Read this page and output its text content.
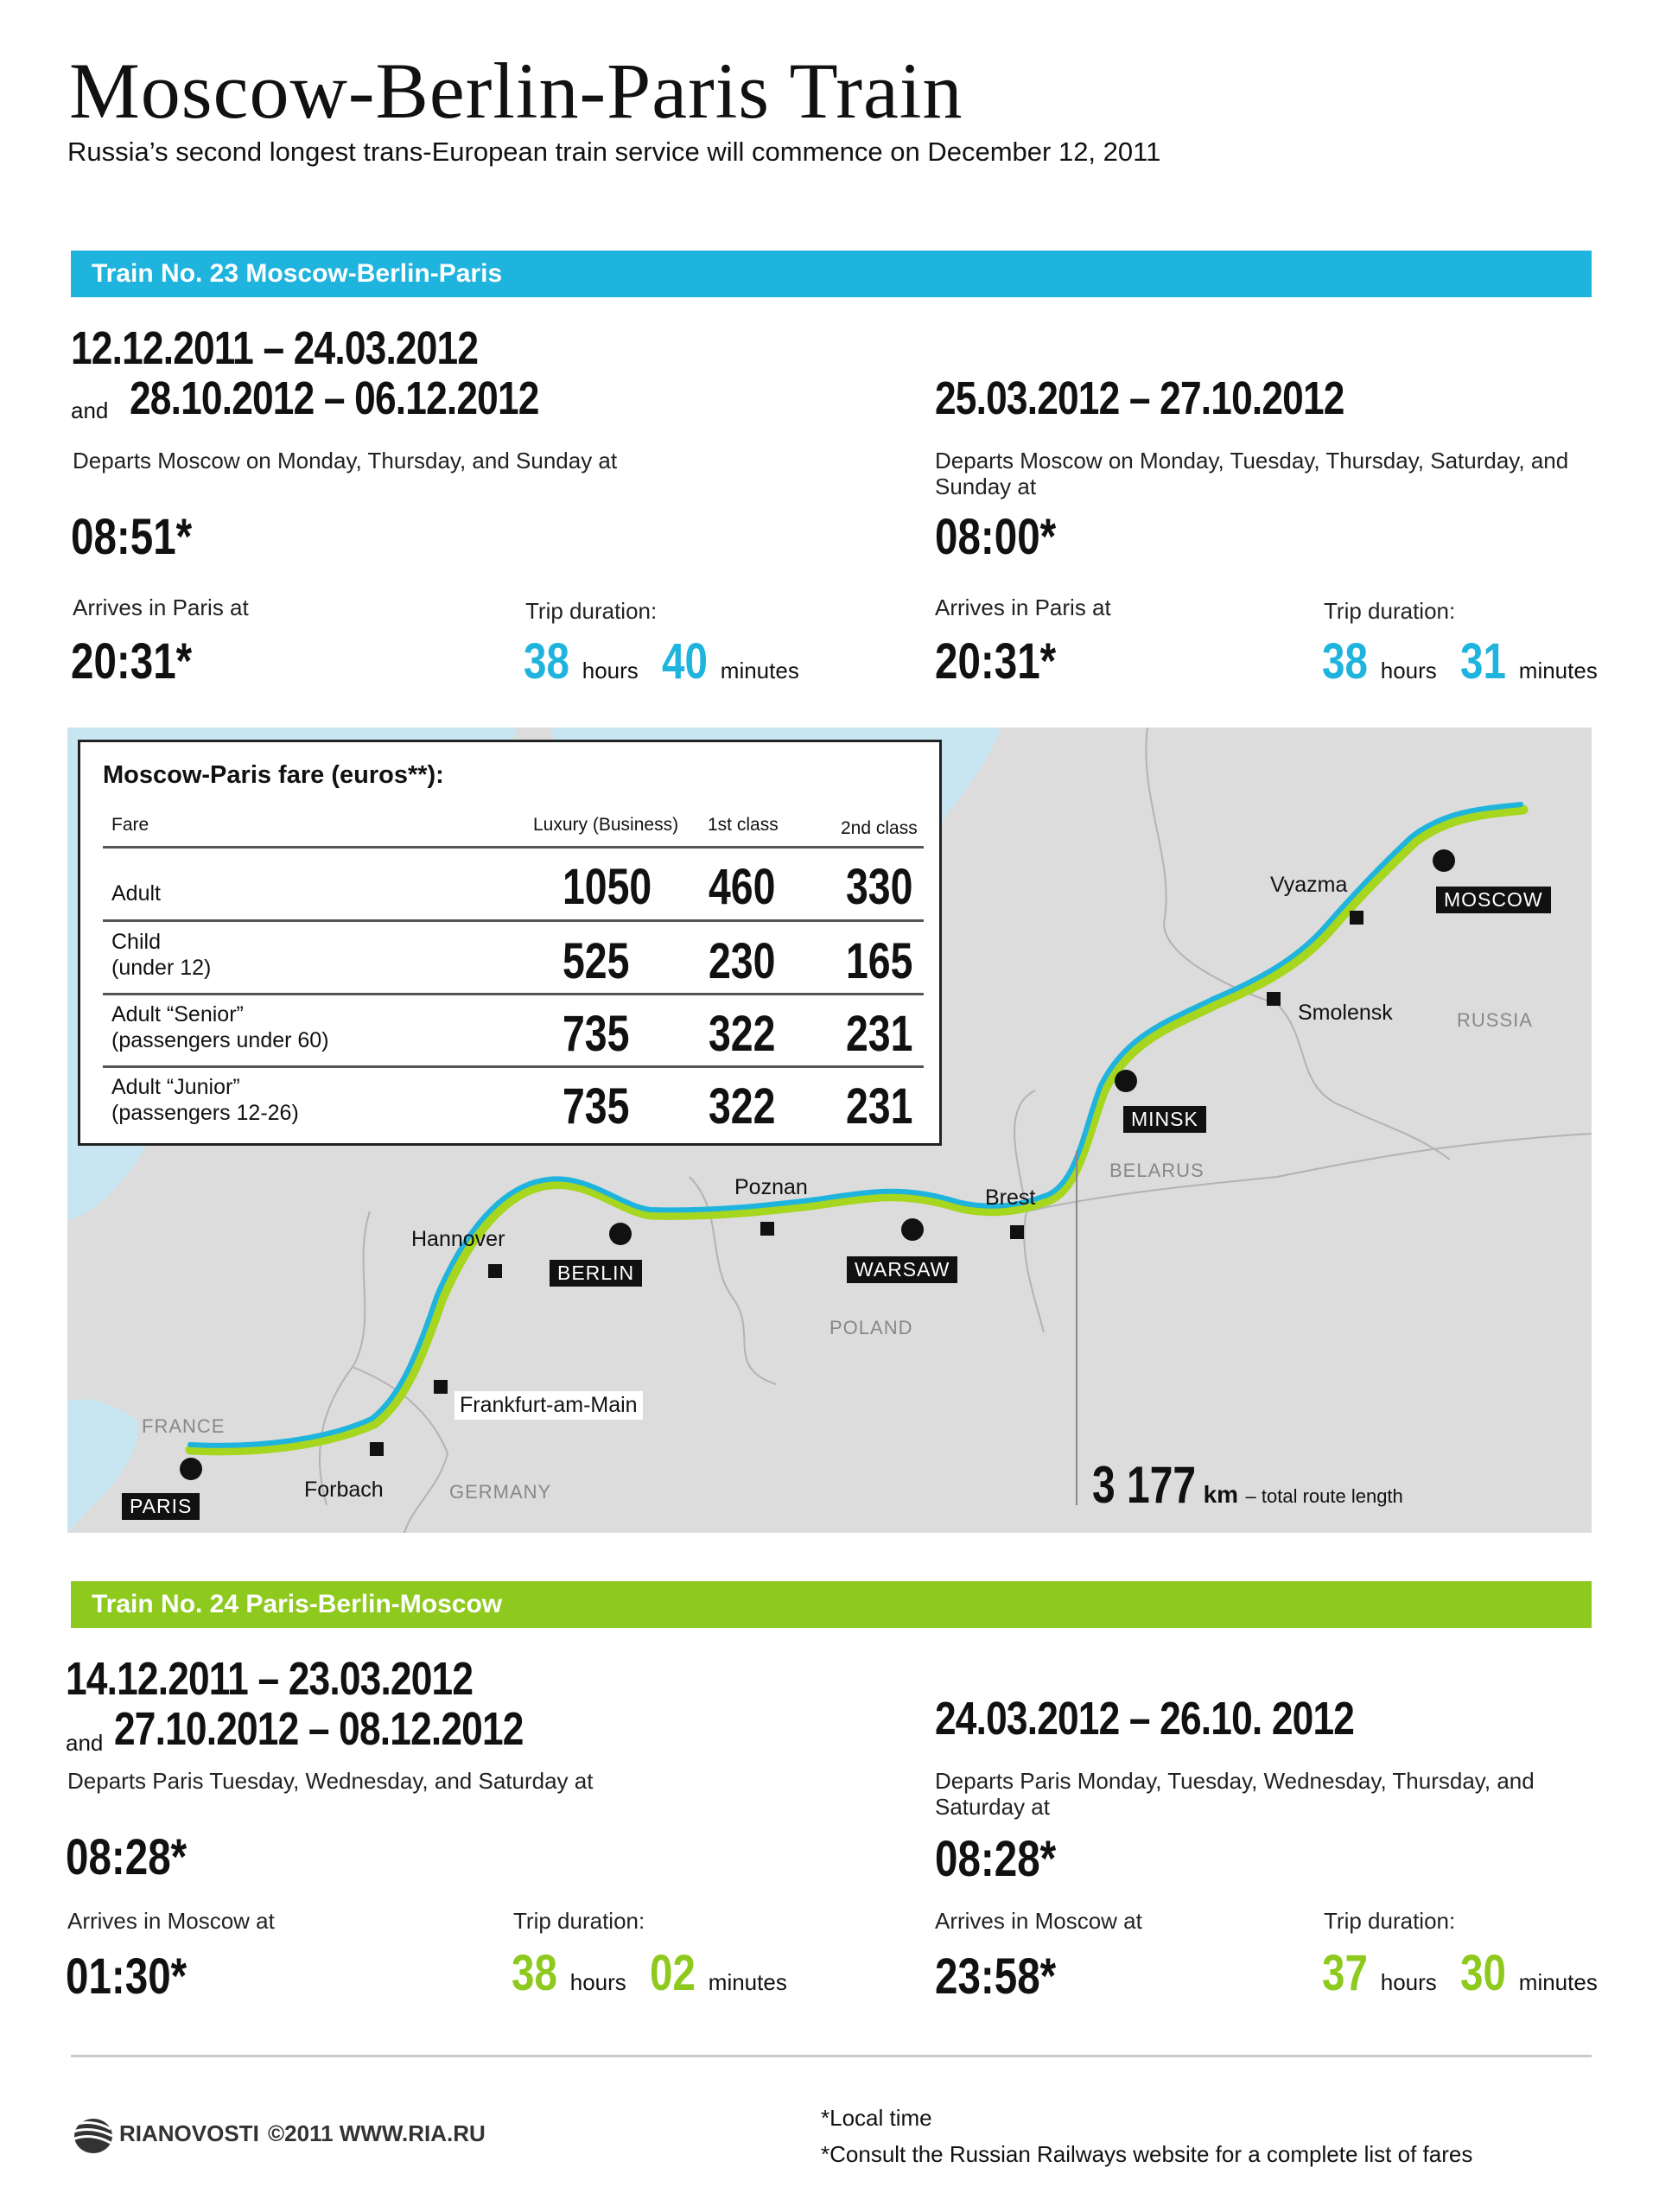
Moscow-Berlin-Paris Train
Russia’s second longest trans-European train service will commence on December 12, 2011
Train No. 23 Moscow-Berlin-Paris
12.12.2011 – 24.03.2012
and 28.10.2012 – 06.12.2012
Departs Moscow on Monday, Thursday, and Sunday at
08:51*
Arrives in Paris at
20:31*
Trip duration:
38 hours 40 minutes
25.03.2012 – 27.10.2012
Departs Moscow on Monday, Tuesday, Thursday, Saturday, and Sunday at
08:00*
Arrives in Paris at
20:31*
Trip duration:
38 hours 31 minutes
RUSSIA
BELARUS
POLAND
GERMANY
FRANCE
MOSCOW
MINSK
WARSAW
BERLIN
PARIS
Vyazma
Smolensk
Brest
Poznan
Hannover
Frankfurt-am-Main
Forbach	3 177 km – total route length
Moscow-Paris fare (euros**):
Fare	Luxury (Business) 1st class	2nd class
Adult	1050 460 330
Child
(under 12)	525 230 165
Adult “Senior”
(passengers under 60)	735 322 231
Adult “Junior”
(passengers 12-26)	735 322 231
Train No. 24 Paris-Berlin-Moscow
14.12.2011 – 23.03.2012
and 27.10.2012 – 08.12.2012
Departs Paris Tuesday, Wednesday, and Saturday at
08:28*
Arrives in Moscow at
01:30*
Trip duration:
38 hours 02 minutes
24.03.2012 – 26.10. 2012
Departs Paris Monday, Tuesday, Wednesday, Thursday, and Saturday at
08:28*
Arrives in Moscow at
23:58*
Trip duration:
37 hours 30 minutes
RIANOVOSTI ©2011 WWW.RIA.RU
*Local time
*Consult the Russian Railways website for a complete list of fares
